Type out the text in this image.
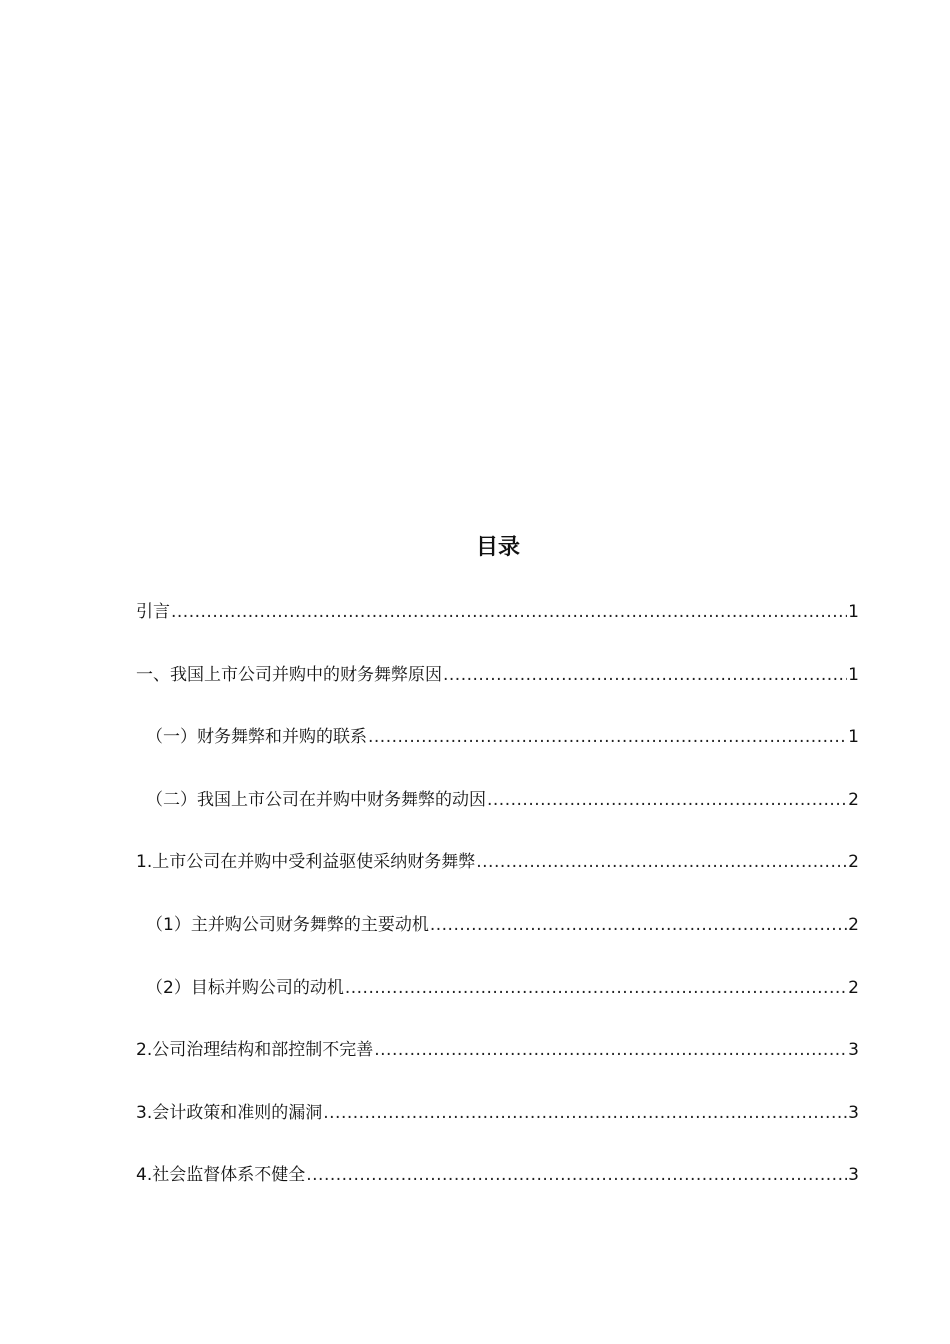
目录
引言 .....	1
一、我国上市公司并购中的财务舞弊原因 .....	1
（一）财务舞弊和并购的联系 .....	1
（二）我国上市公司在并购中财务舞弊的动因 .....	2
1.上市公司在并购中受利益驱使采纳财务舞弊 .....	2
（1）主并购公司财务舞弊的主要动机 .....	2
（2）目标并购公司的动机 .....	2
2.公司治理结构和部控制不完善 .....	3
3.会计政策和准则的漏洞 .....	3
4.社会监督体系不健全 .....	3
